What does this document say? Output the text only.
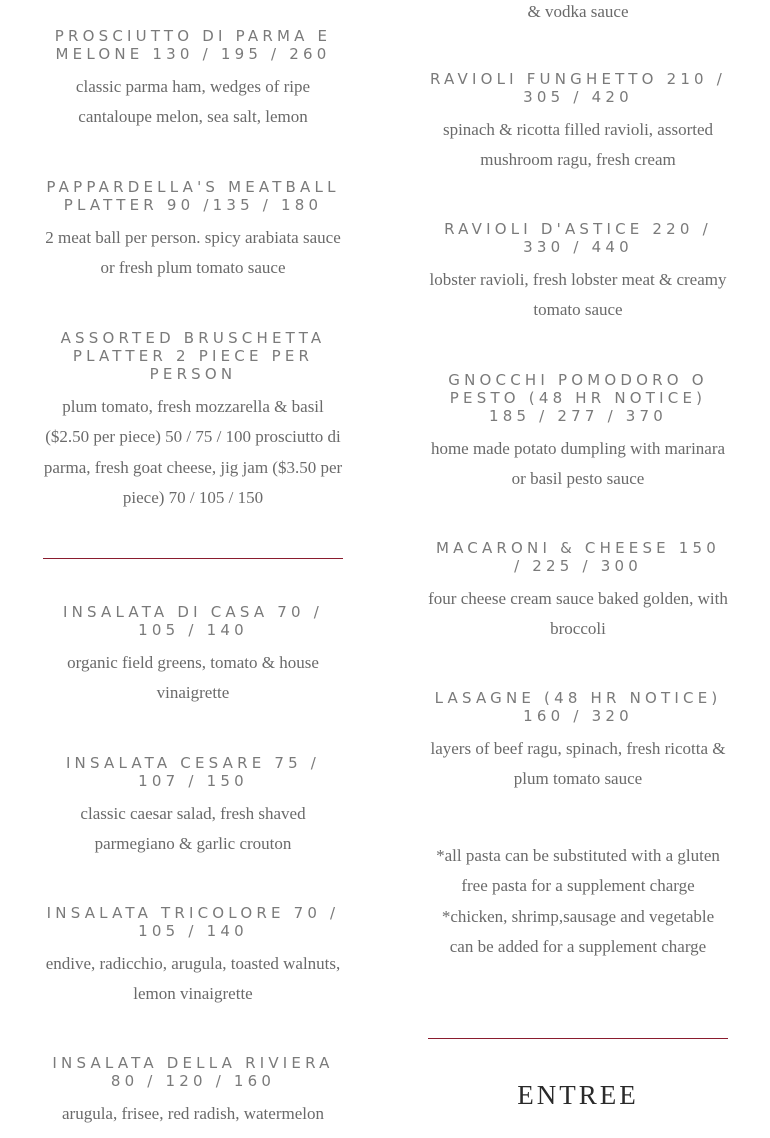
PROSCIUTTO DI PARMA E MELONE 130 / 195 / 260
classic parma ham, wedges of ripe cantaloupe melon, sea salt, lemon
PAPPARDELLA'S MEATBALL PLATTER 90 /135 / 180
2 meat ball per person. spicy arabiata sauce or fresh plum tomato sauce
ASSORTED BRUSCHETTA PLATTER 2 PIECE PER PERSON
plum tomato, fresh mozzarella & basil ($2.50 per piece) 50 / 75 / 100 prosciutto di parma, fresh goat cheese, jig jam ($3.50 per piece) 70 / 105 / 150
INSALATA DI CASA 70 / 105 / 140
organic field greens, tomato & house vinaigrette
INSALATA CESARE 75 / 107 / 150
classic caesar salad, fresh shaved parmegiano & garlic crouton
INSALATA TRICOLORE 70 / 105 / 140
endive, radicchio, arugula, toasted walnuts, lemon vinaigrette
INSALATA DELLA RIVIERA 80 / 120 / 160
arugula, frisee, red radish, watermelon
& vodka sauce
RAVIOLI FUNGHETTO 210 / 305 / 420
spinach & ricotta filled ravioli, assorted mushroom ragu, fresh cream
RAVIOLI D'ASTICE 220 / 330 / 440
lobster ravioli, fresh lobster meat & creamy tomato sauce
GNOCCHI POMODORO O PESTO (48 HR NOTICE) 185 / 277 / 370
home made potato dumpling with marinara or basil pesto sauce
MACARONI & CHEESE 150 / 225 / 300
four cheese cream sauce baked golden, with broccoli
LASAGNE (48 HR NOTICE) 160 / 320
layers of beef ragu, spinach, fresh ricotta & plum tomato sauce
*all pasta can be substituted with a gluten free pasta for a supplement charge *chicken, shrimp,sausage and vegetable can be added for a supplement charge
ENTREE
